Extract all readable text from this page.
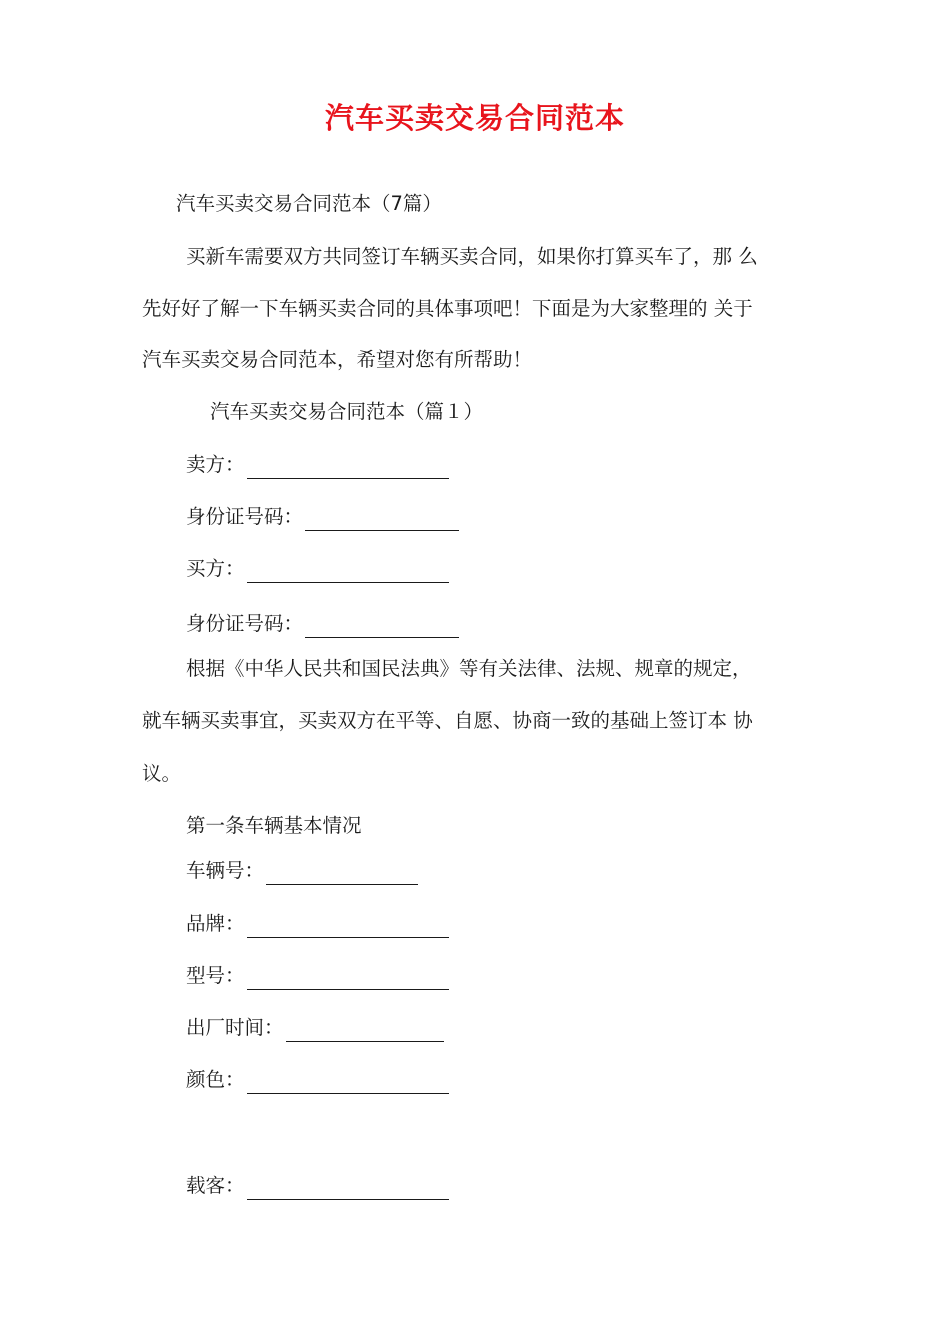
汽车买卖交易合同范本
汽车买卖交易合同范本（7篇）
买新车需要双方共同签订车辆买卖合同，如果你打算买车了，那 么
先好好了解一下车辆买卖合同的具体事项吧！下面是为大家整理的 关于
汽车买卖交易合同范本，希望对您有所帮助！
汽车买卖交易合同范本（篇１）
卖方：
身份证号码：
买方：
身份证号码：
根据《中华人民共和国民法典》等有关法律、法规、规章的规定，
就车辆买卖事宜，买卖双方在平等、自愿、协商一致的基础上签订本 协
议。
第一条车辆基本情况
车辆号：
品牌：
型号：
出厂时间：
颜色：
载客：
